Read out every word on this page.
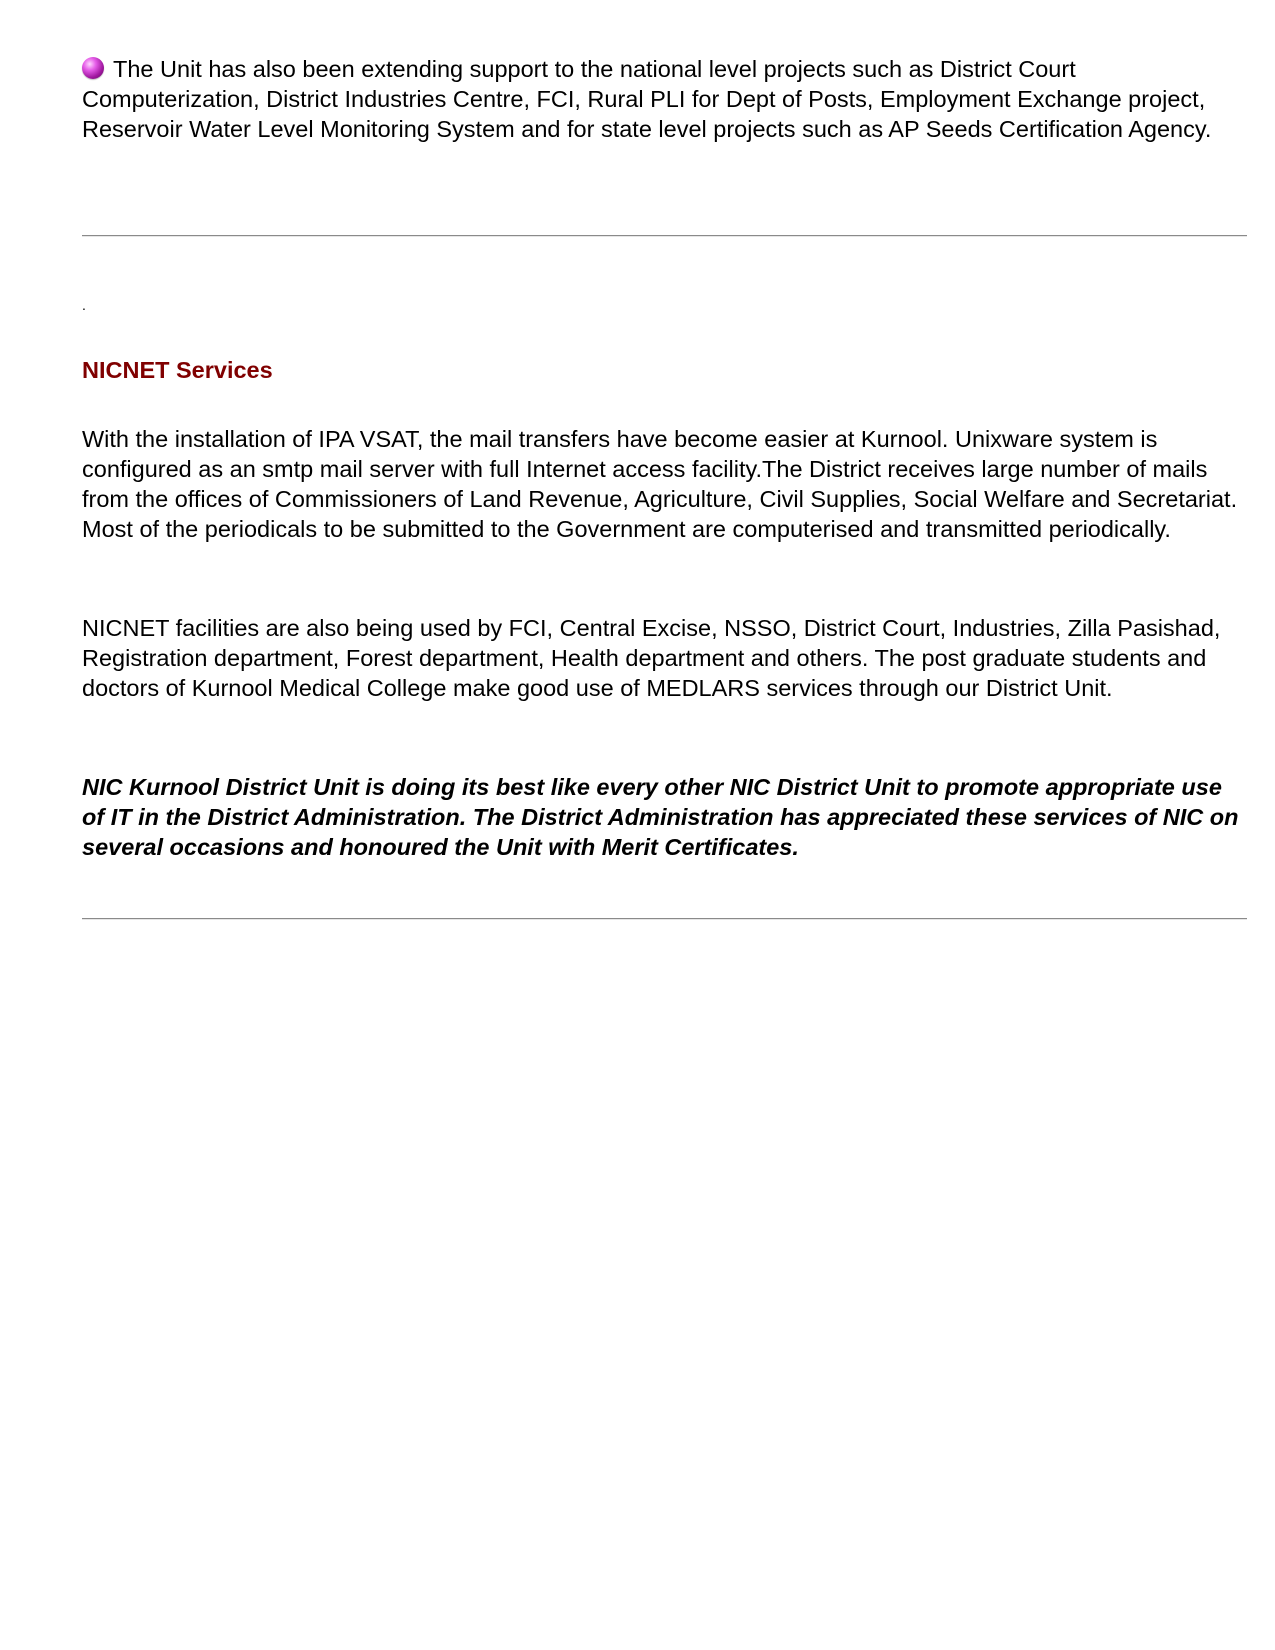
The Unit has also been extending support to the national level projects such as District Court Computerization, District Industries Centre, FCI, Rural PLI for Dept of Posts, Employment Exchange project, Reservoir Water Level Monitoring System and for state level projects such as AP Seeds Certification Agency.

.
NICNET Services

With the installation of IPA VSAT, the mail transfers have become easier at Kurnool. Unixware system is configured as an smtp mail server with full Internet access facility.The District receives large number of mails from the offices of Commissioners of Land Revenue, Agriculture, Civil Supplies, Social Welfare and Secretariat. Most of the periodicals to be submitted to the Government are computerised and transmitted periodically.

NICNET facilities are also being used by FCI, Central Excise, NSSO, District Court, Industries, Zilla Pasishad, Registration department, Forest department, Health department and others. The post graduate students and doctors of Kurnool Medical College make good use of MEDLARS services through our District Unit.

NIC Kurnool District Unit is doing its best like every other NIC District Unit to promote appropriate use of IT in the District Administration. The District Administration has appreciated these services of NIC on several occasions and honoured the Unit with Merit Certificates.
